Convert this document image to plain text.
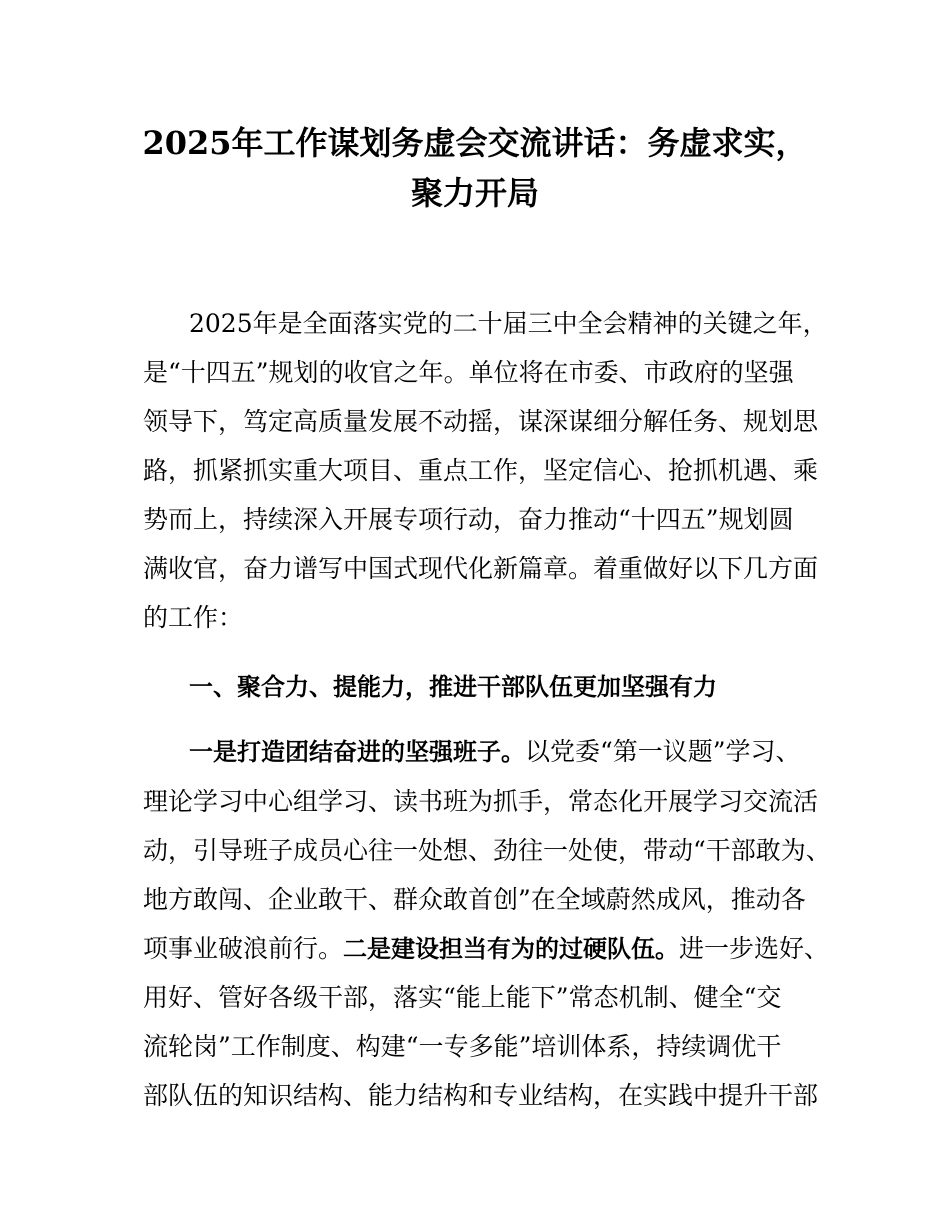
2025年工作谋划务虚会交流讲话：务虚求实，
聚力开局

2025年是全面落实党的二十届三中全会精神的关键之年，

是“十四五”规划的收官之年。单位将在市委、市政府的坚强

领导下，笃定高质量发展不动摇，谋深谋细分解任务、规划思

路，抓紧抓实重大项目、重点工作，坚定信心、抢抓机遇、乘

势而上，持续深入开展专项行动，奋力推动“十四五”规划圆

满收官，奋力谱写中国式现代化新篇章。着重做好以下几方面

的工作：

一、聚合力、提能力，推进干部队伍更加坚强有力

一是打造团结奋进的坚强班子。以党委“第一议题”学习、

理论学习中心组学习、读书班为抓手，常态化开展学习交流活

动，引导班子成员心往一处想、劲往一处使，带动“干部敢为、

地方敢闯、企业敢干、群众敢首创”在全域蔚然成风，推动各

项事业破浪前行。二是建设担当有为的过硬队伍。进一步选好、

用好、管好各级干部，落实“能上能下”常态机制、健全“交

流轮岗”工作制度、构建“一专多能”培训体系，持续调优干

部队伍的知识结构、能力结构和专业结构，在实践中提升干部
